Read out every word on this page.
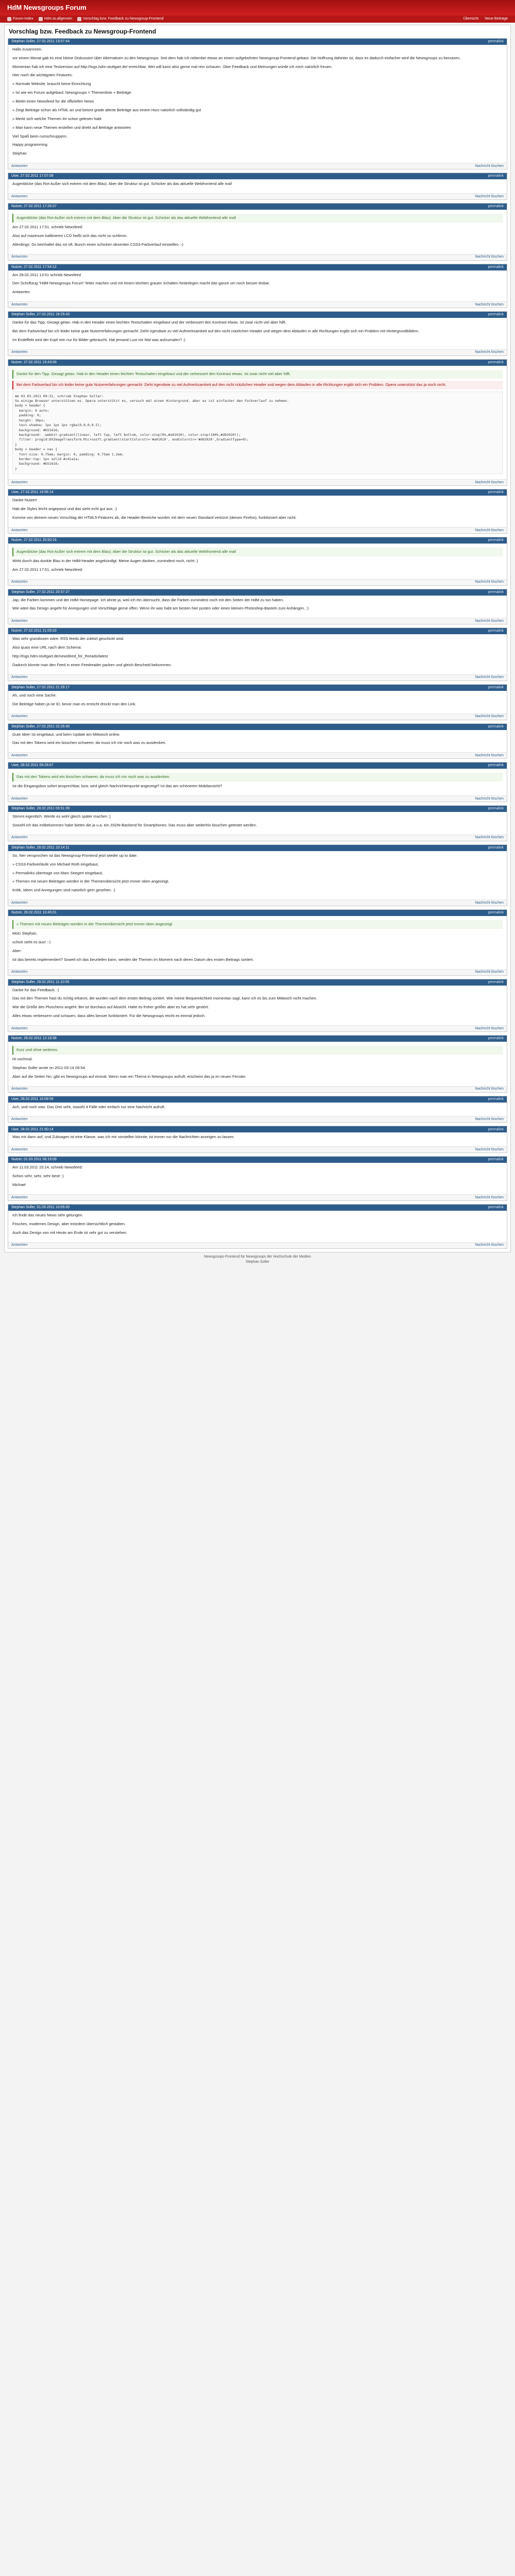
HdM Newsgroups Forum
Forum-Index	Hdm.ta.allgemein	Vorschlag bzw. Feedback zu Newsgroup-Frontend	Übersicht Neue Beiträge
Vorschlag bzw. Feedback zu Newsgroup-Frontend
Stephan Soller, 27.02.2011 13:57:44	permalink

Hallo zusammen,

vor einem Monat gab es eine kleine Diskussion über Alternativen zu den Newsgroups. Seit dem hab ich nebenbei etwas an einem aufgebohrten Newsgroup-Frontend gebaut. Die Hoffnung dahinter ist, dass es dadurch einfacher wird die Newsgroups zu benutzen.

Momentan hab ich eine Testversion auf http://tsgs.hdm-stuttgart.de/ erreichbar. Wer will kann also gerne mal rein schauen. Über Feedback und Meinungen würde ich mich natürlich freuen.

Hier noch die wichtigsten Features:

» Normale Website, braucht keine Einrichtung

» Ist wie ein Forum aufgebaut: Newsgroups = Themenliste + Beiträge

» Bietet einen Newsfeed für die offiziellen News

» Zeigt Beiträge schon als HTML an und betont grade alterte Beiträge aus einem Hurz natürlich vollständig gut

» Merkt sich welche Themen ihr schon gelesen habt

» Man kann neue Themen erstellen und direkt auf Beiträge antworten

Viel Spaß beim rumschnuppern.

Happy programming

Stephan

Antworten	Nachricht löschen
Uwe, 27.02.2011 17:07:08	permalink

Augenblicke (das Rot-Außer sich extrem mit dem Blau). Aber die Struktur ist gut. Schicker als das aktuelle Webfrontend alle mal!

Antworten	Nachricht löschen
Nutzer, 27.02.2011 17:26:37	permalink
Augenblicke (das Rot-Außer sich extrem mit dem Blau). Aber die Struktur ist gut. Schicker als das aktuelle Webfrontend alle mal!

Am 27.02.2011 17:51, schrieb Newsfeed:

Also auf maximum kalibrieren LCD heißt sich das nicht so schlimm.

Allerdings: Du beinhaltet das rot oft. Bunch einen schicken dezenten CSS3-Farbverlauf einstellen :-)

Antworten	Nachricht löschen
Nutzer, 27.02.2011 17:54:12	permalink

Am 28.02.2011 13:51 schrieb Newsfeed

Den Schriftzug "HdM Newsgroups Forum" fetter machen und mit einem leichten grauen Schatten hinterlegen macht das ganze um noch besser lesbar.

Antworten

Antworten	Nachricht löschen
Stephan Soller, 27.02.2011 18:25:43	permalink

Danke für das Tipp. Gesagt getan. Hab in den Header einen leichten Textschatten eingebaut und der verbessert den Kontrast etwas. Ist zwar nicht viel aber hilft.

Bei dem Farbverlauf bin ich leider keine gute Nutzererfahrungen gemacht: Zieht irgendwie zu viel Aufmerksamkeit auf den nicht nützlichen Header und wegen dem Ablaufen in alle Richtungen ergibt sich ein Problem mit Hintergrundbildern.

Im Endeffekt wird der Kopf rein nur für Bilder gebraucht. Hat jemand Lust mir Mal was aufzumalen? :)

Antworten	Nachricht löschen
Nutzer, 27.02.2011 19:43:09	permalink
Danke für den Tipp. Gesagt getan. Hab in den Header einen leichten Textschatten eingebaut und der verbessert den Kontrast etwas. Ist zwar nicht viel aber hilft.
Bei dem Farbverlauf bin ich leider keine gute Nutzererfahrungen gemacht: Zieht irgendwie zu viel Aufmerksamkeit auf den nicht nützlichen Header und wegen dem Ablaufen in alle Richtungen ergibt sich ein Problem. Opera unterstützt das ja noch nicht.
Am 03.03.2011 09:31, schrieb Stephan Soller:
So einige Browser unterstützen es. Opera unterstützt es, versuch mal einen Hintergrund, aber es ist einfacher den Farbverlauf zu nehmen.
body > header {
margin: 0 auto;
padding: 0;
height: 30px;
text-shadow: 1px 1px 1px rgba(0,0,0,0.5);
background: #b51616;
background: -webkit-gradient(linear, left top, left bottom, color-stop(0%,#a01010), color-stop(100%,#d02020));
filter: progid:DXImageTransform.Microsoft.gradient(startColorstr='#a01010', endColorstr='#d02020',GradientType=0);
}
body > header > nav {
font-size: 0.75em; margin: 0; padding: 0.75em 1.2em;
border-top: 1px solid #c41a1a;
background: #b51616;
}
Antworten	Nachricht löschen
Uwe, 27.02.2011 19:56:14	permalink

Danke Nutzer!

Hab die Styles leicht angepasst und das sieht echt gut aus. :)

Komme von deinem neuen Vorschlag der HTML5-Features ab, die Header-Bereiche wurden mit dem neuen Standard verkürzt (deinen Firefox), funktioniert aber nicht.

Antworten	Nachricht löschen
Nutzer, 27.02.2011 20:50:16	permalink
Augenblicke (das Rot-Außer sich extrem mit dem Blau). Aber die Struktur ist gut. Schicker als das aktuelle Webfrontend alle mal!

Wirkt durch das dunkle Blau in der HdM-Header angekündigt. Meine Augen danken, zumindest noch, nicht :)

Am 27.02.2011 17:51, schrieb Newsfeed:

Antworten	Nachricht löschen
Stephan Soller, 27.02.2011 20:57:27	permalink

Jap, die Farben kommen und der HdM Homepage. Ich ahnte ja, weil ich ein übersucht, dass die Farben zumindest noch mit den Seiten der HdM zu tun haben.

Wie wäre das Design angeht für Anregungen und Vorschläge gerne offen. Wenn ihr was habt am besten hier posten oder einen kleinen Photoshop-Basteln zum Anhängen. :)

Antworten	Nachricht löschen
Nutzer, 27.02.2011 21:09:33	permalink

Was sehr grandiosen wäre: RSS feeds der zuletzt geschickt sind.

Also quasi eine URL nach dem Schema:

http://tsgs.hdm-stuttgart.de/newsfeed_for_threads/latest

Dadurch könnte man den Feed in einen Feedreader packen und gleich Bescheid bekommen.

Antworten	Nachricht löschen
Stephan Soller, 27.02.2011 21:29:17	permalink

Ah, und noch eine Sache:

Die Beiträge haben ja ne ID, bevor man es erreicht drückt man den Link.

Antworten	Nachricht löschen
Stephan Soller, 27.02.2011 22:26:40	permalink

Gute Idee! Ist eingebaut, und beim Update am Mittwoch online.

Das mit den Tokens wird ein bisschen schwerer, da muss ich mir noch was zu ausdenken.

Antworten	Nachricht löschen
Uwe, 28.02.2011 09:28:07	permalink
Das mit den Tokens wird ein bisschen schwerer, da muss ich mir noch was zu ausdenken.

Ist die Eingangsbox sofort ansprechbar, bzw. wird gleich Nachrichtenpunkt angezeigt? Ist das am schöneren Mobilansicht?

Antworten	Nachricht löschen
Stephan Soller, 28.02.2011 09:51:39	permalink

Stimmt eigentlich. Werde es wohl gleich später machen :)

Sowohl ich das mitbekommen habe bieten die ja u.a. ein JSON-Backend für Smartphones. Das muss aber weiterhin bisschen getestet werden.

Antworten	Nachricht löschen
Stephan Soller, 28.02.2011 10:14:11	permalink

So, hier versprochen ist das Newsgroup-Frontend jetzt wieder up to date:

» CSS3-Farbverläufe von Michael Roth eingebaut,

» Permalinks übertrage von Marc Seegert eingebaut,

» Themen mit neuen Beiträgen werden in der Themenübersicht jetzt immer oben angezeigt.

Kritik, Ideen und Anregungen sind natürlich gern gesehen. :)

Antworten	Nachricht löschen
Nutzer, 28.02.2011 10:45:01	permalink
» Themen mit neuen Beiträgen werden in der Themenübersicht jetzt immer oben angezeigt

Moin Stephan,

schick sieht es aus! :-)

Aber:

Ist das bereits implementiert? Soweit ich das beurteilen kann, werden die Themen im Moment nach deren Datum des ersten Beitrags sortiert.

Antworten	Nachricht löschen
Stephan Soller, 28.02.2011 11:10:55	permalink

Danke für das Feedback. :)

Das mit den Themen hast du richtig erkannt, die wurden nach dem ersten Beitrag sortiert. Wie meine Bequemlichkeit momentan sagt, kann ich es bis zum Mittwoch nicht machen.

Wie die Größe des Pluschens angeht: Bei ist durchaus auf Absicht. Hatte es früher größer aber es hat sehr gestört.

Alles etwas verbessern und schauen, dass alles besser funktioniert. Für die Newsgroups reicht es einmal jedoch.

Antworten	Nachricht löschen
Nutzer, 28.02.2011 12:18:38	permalink
Kurz und ohne weiteres:

Hi nochmal.

Stephan Soller wrote on 2011-03-14 09:54:

Aber auf die Seiten hin, gibt es Newsgroups auf einmal. Wenn man ein Thema in Newsgroups aufruft, erscheint das ja im neuen Fenster.

Antworten	Nachricht löschen
Uwe, 28.02.2011 15:09:59	permalink

Ach, und noch was. Das Drei seht, sowohl 4 Fälle oder einfach nur eine Nachricht aufruft.

Antworten	Nachricht löschen
Uwe, 28.02.2011 21:50:14	permalink

Was mir dann auf, und Zubsagen ist eine Klasse, was ich mir vorstellen könnte, ist immer nur die Nachrichten anzeigen zu lassen.

Antworten	Nachricht löschen
Nutzer, 01.03.2011 06:15:09	permalink

Am 11.03.2011 15:14, schrieb Newsfeed:

Schon sehr, sehr, sehr best! :)

Michael

Antworten	Nachricht löschen
Stephan Soller, 01.03.2011 10:05:00	permalink

Ich finde das neues News sehr gelungen.

Frisches, modernes Design, aber trotzdem übersichtlich gestalten.

Auch das Design von mit Heute am Ende ist sehr gut zu verstehen.

Antworten	Nachricht löschen
Newsgroups-Frontend für Newsgroups der Hochschule der Medien
Stephan Soller
